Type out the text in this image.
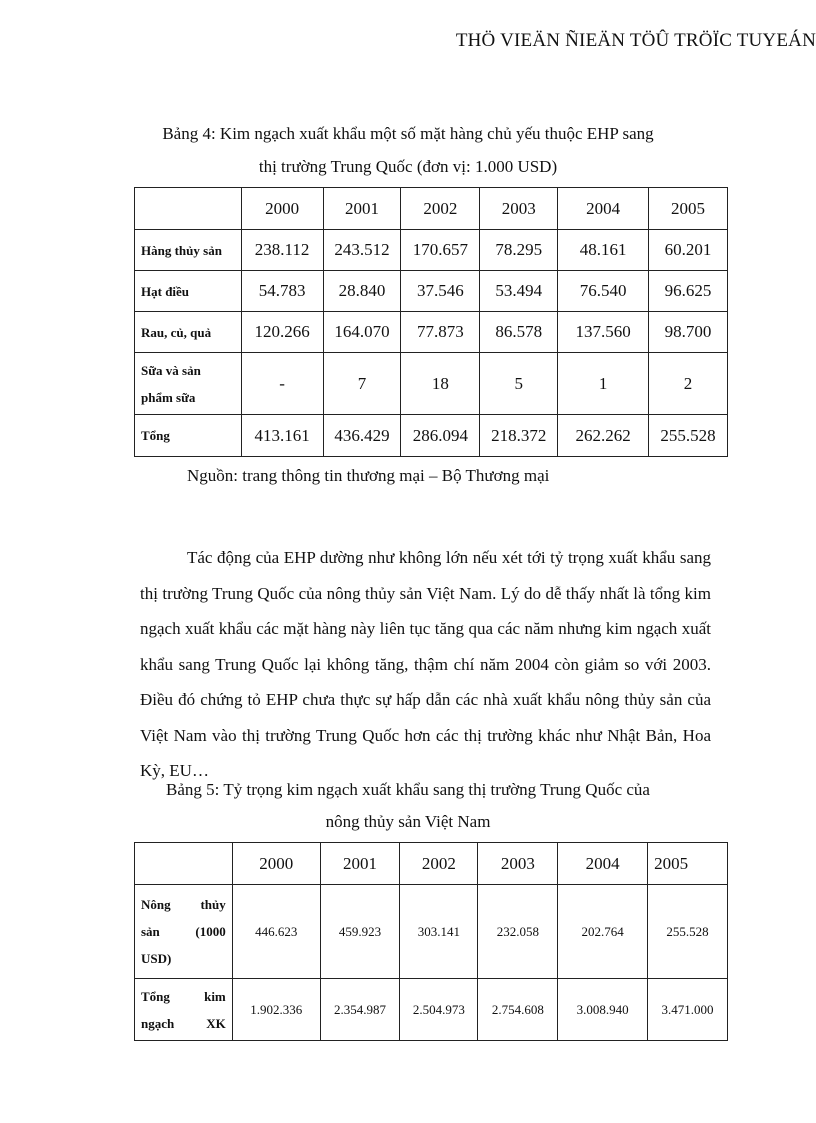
THÖ VIEÄN ÑIEÄN TÖÛ TRÖÏC TUYEÁN
Bảng 4: Kim ngạch xuất khẩu một số mặt hàng chủ yếu thuộc EHP sang
thị trường Trung Quốc (đơn vị: 1.000 USD)
	2000	2001	2002	2003	2004	2005
Hàng thủy sản	238.112	243.512	170.657	78.295	48.161	60.201
Hạt điều	54.783	28.840	37.546	53.494	76.540	96.625
Rau, củ, quả	120.266	164.070	77.873	86.578	137.560	98.700
Sữa và sản
phẩm sữa	-	7	18	5	1	2
Tổng	413.161	436.429	286.094	218.372	262.262	255.528
Nguồn: trang thông tin thương mại – Bộ Thương mại

Tác động của EHP dường như không lớn nếu xét tới tỷ trọng xuất khẩu sang thị trường Trung Quốc của nông thủy sản Việt Nam. Lý do dễ thấy nhất là tổng kim ngạch xuất khẩu các mặt hàng này liên tục tăng qua các năm nhưng kim ngạch xuất khẩu sang Trung Quốc lại không tăng, thậm chí năm 2004 còn giảm so với 2003. Điều đó chứng tỏ EHP chưa thực sự hấp dẫn các nhà xuất khẩu nông thủy sản của Việt Nam vào thị trường Trung Quốc hơn các thị trường khác như Nhật Bản, Hoa Kỳ, EU…

Bảng 5: Tỷ trọng kim ngạch xuất khẩu sang thị trường Trung Quốc của
nông thủy sản Việt Nam
	2000	2001	2002	2003	2004	2005

Nông thủy
sản (1000
USD)	446.623	459.923	303.141	232.058	202.764	255.528

Tổng kim
ngạch XK	1.902.336	2.354.987	2.504.973	2.754.608	3.008.940	3.471.000
